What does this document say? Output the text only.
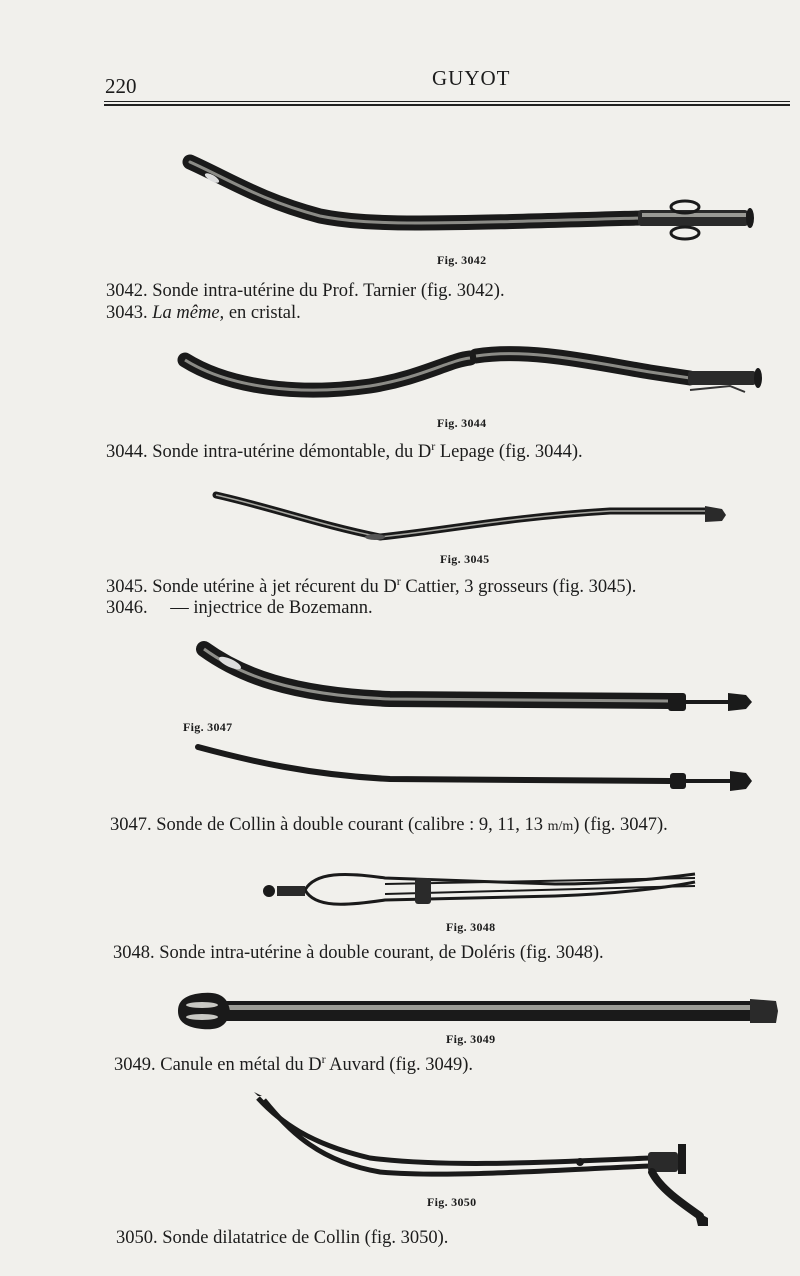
220	GUYOT
Fig. 3042
3042. Sonde intra-utérine du Prof. Tarnier (fig. 3042).
3043. La même, en cristal.
Fig. 3044
3044. Sonde intra-utérine démontable, du $D^r$ Lepage (fig. 3044).
Fig. 3045
3045. Sonde utérine à jet récurent du $D^r$ Cattier, 3 grosseurs (fig. 3045).
3046. — injectrice de Bozemann.
Fig. 3047
3047. Sonde de Collin à double courant (calibre : 9, 11, 13 m/m) (fig. 3047).
Fig. 3048
3048. Sonde intra-utérine à double courant, de Doléris (fig. 3048).
Fig. 3049
3049. Canule en métal du $D^r$ Auvard (fig. 3049).
Fig. 3050
3050. Sonde dilatatrice de Collin (fig. 3050).
